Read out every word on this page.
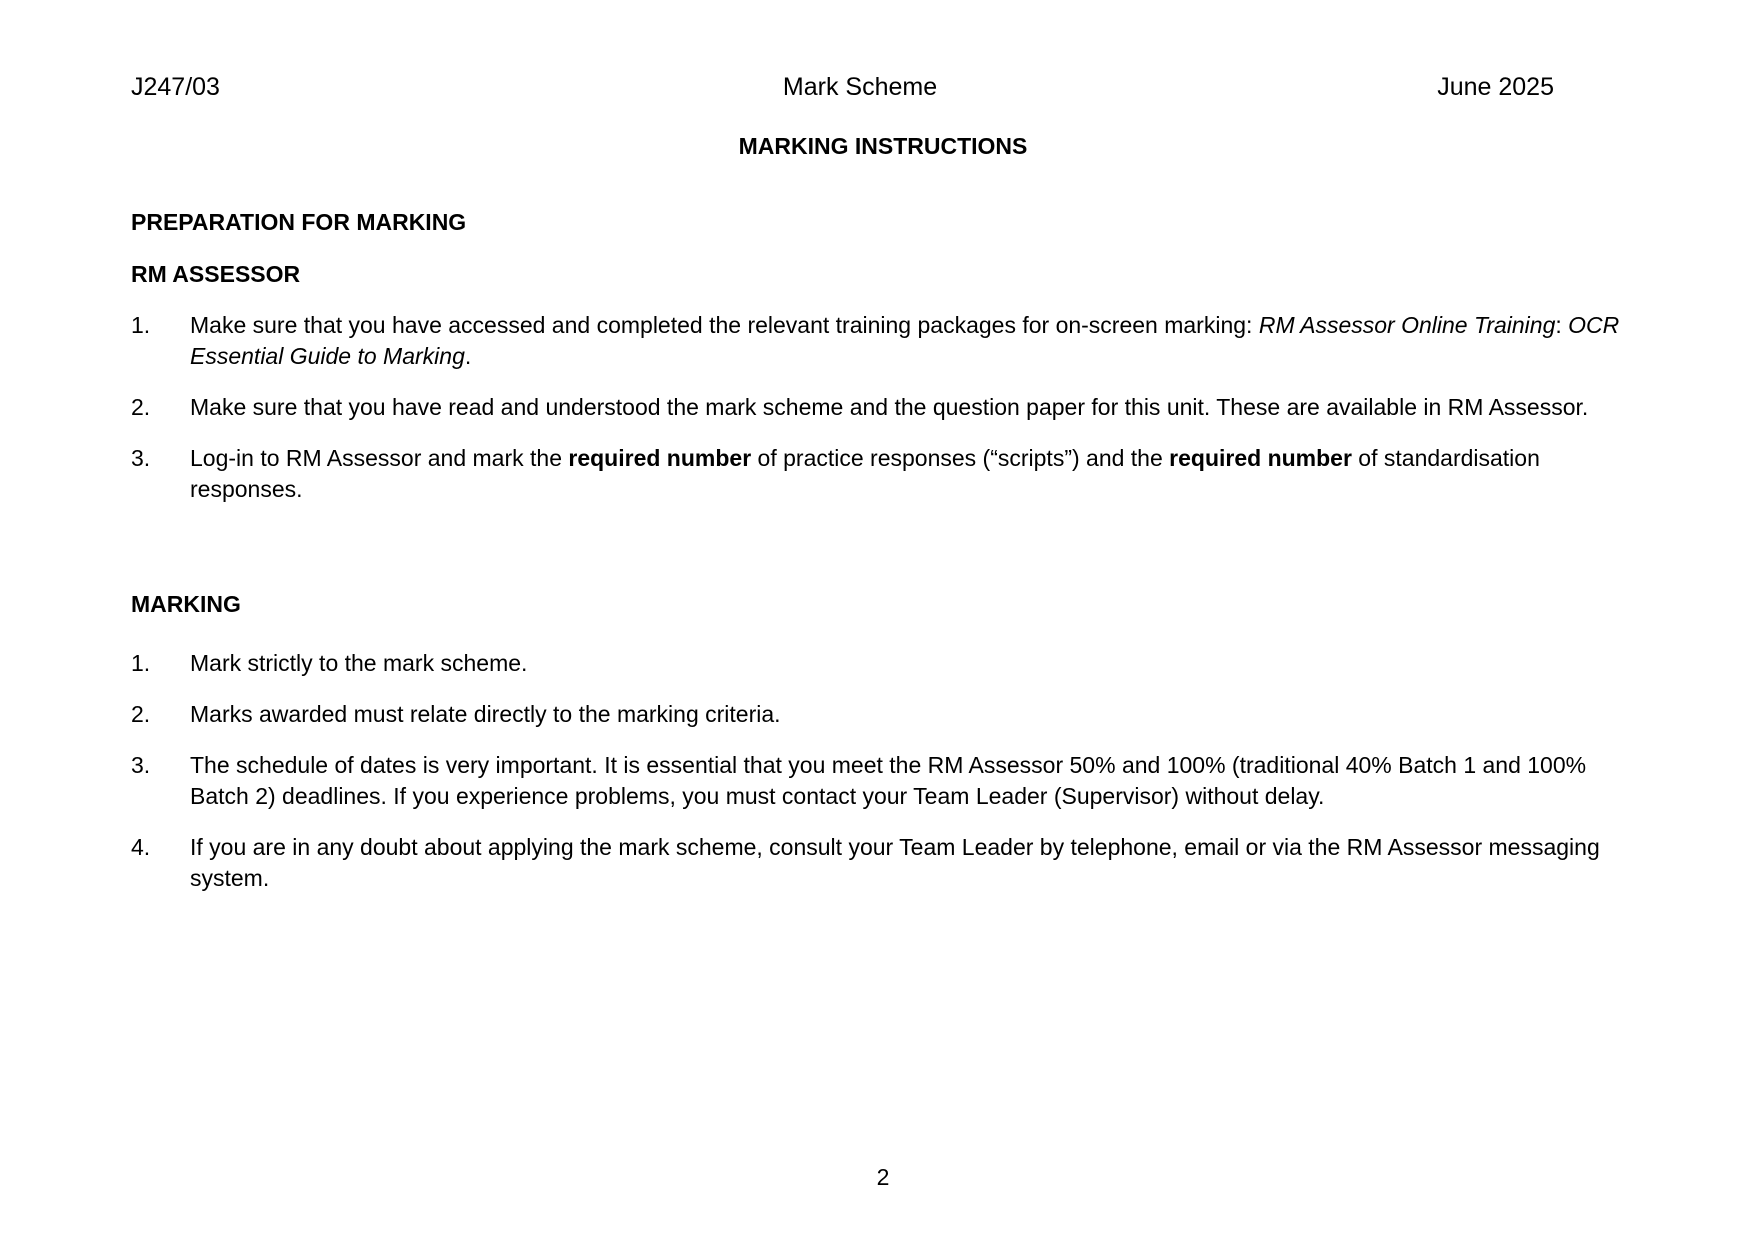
J247/03	Mark Scheme	June 2025
MARKING INSTRUCTIONS
PREPARATION FOR MARKING
RM ASSESSOR
1.	Make sure that you have accessed and completed the relevant training packages for on-screen marking: RM Assessor Online Training: OCR Essential Guide to Marking.
2.	Make sure that you have read and understood the mark scheme and the question paper for this unit. These are available in RM Assessor.
3.	Log-in to RM Assessor and mark the required number of practice responses (“scripts”) and the required number of standardisation responses.
MARKING
1.	Mark strictly to the mark scheme.
2.	Marks awarded must relate directly to the marking criteria.
3.	The schedule of dates is very important. It is essential that you meet the RM Assessor 50% and 100% (traditional 40% Batch 1 and 100% Batch 2) deadlines. If you experience problems, you must contact your Team Leader (Supervisor) without delay.
4.	If you are in any doubt about applying the mark scheme, consult your Team Leader by telephone, email or via the RM Assessor messaging system.
2
